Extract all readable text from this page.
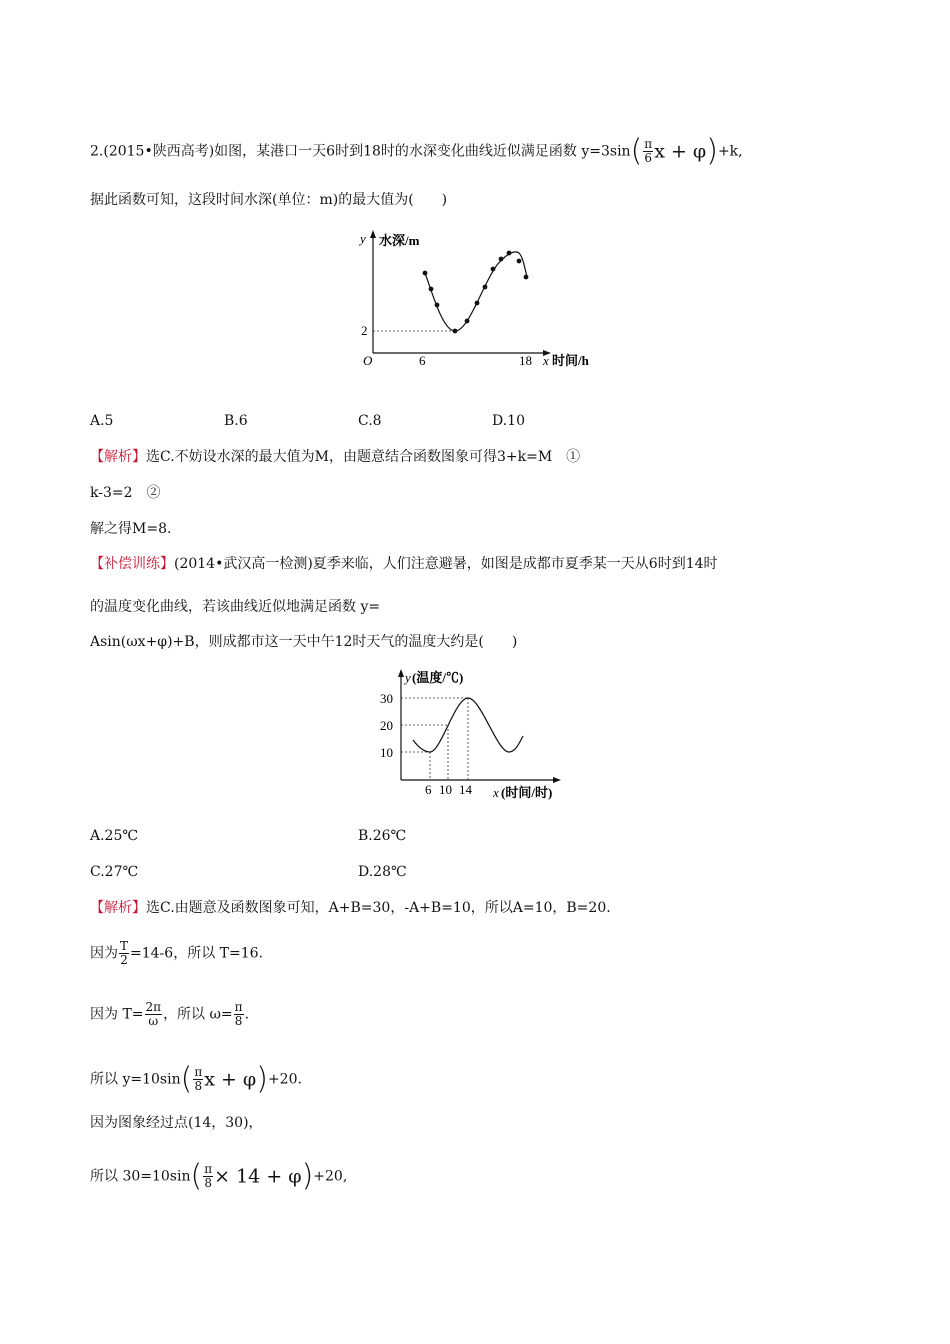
2.(2015•陕西高考)如图，某港口一天6时到18时的水深变化曲线近似满足函数 $y=3\sin( \frac{\pi}{6}$ x + φ)+k,
据此函数可知，这段时间水深(单位：m)的最大值为(　　)
y 水深/m
O
2
6	18 x 时间/h
A.5	B.6	C.8	D.10
【解析】选C.不妨设水深的最大值为M，由题意结合函数图象可得3+k=M　①
k-3=2　②
解之得M=8.
【补偿训练】(2014•武汉高一检测)夏季来临，人们注意避暑，如图是成都市夏季某一天从6时到14时
的温度变化曲线，若该曲线近似地满足函数 y=
Asin(ωx+φ)+B，则成都市这一天中午12时天气的温度大约是(　　)
y (温度/℃)
30
20
10
6 10 14 x (时间/时)
A.25℃	B.26℃
C.27℃	D.28℃
【解析】选C.由题意及函数图象可知，A+B=30，-A+B=10，所以A=10，B=20.
因为 $\frac{T}{2} =14-6$，所以 T=16.
因为 $T= \frac{2\pi}{\omega}$ ，所以 $\omega= \frac{\pi}{8}$ .
所以 $y=10\sin( \frac{\pi}{8}$ x + φ)+20.
因为图象经过点(14，30)，
所以 $30=10\sin( \frac{\pi}{8} \times 14 + \varphi)+20$,
